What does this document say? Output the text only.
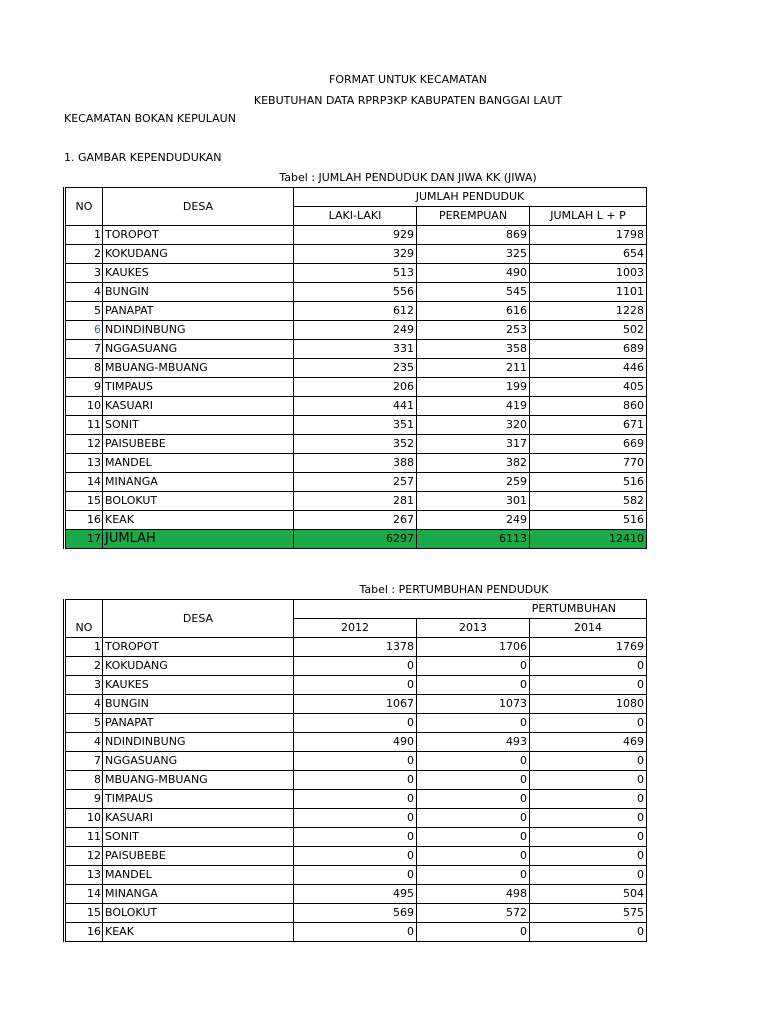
FORMAT UNTUK KECAMATAN
KEBUTUHAN DATA RPRP3KP KABUPATEN BANGGAI LAUT
KECAMATAN BOKAN KEPULAUN
1. GAMBAR KEPENDUDUKAN
Tabel : JUMLAH PENDUDUK DAN JIWA KK (JIWA)
NO	DESA	JUMLAH PENDUDUK		
		LAKI-LAKI	PEREMPUAN	JUMLAH L + P
1	TOROPOT	929	869	1798
2	KOKUDANG	329	325	654
3	KAUKES	513	490	1003
4	BUNGIN	556	545	1101
5	PANAPAT	612	616	1228
6	NDINDINBUNG	249	253	502
7	NGGASUANG	331	358	689
8	MBUANG-MBUANG	235	211	446
9	TIMPAUS	206	199	405
10	KASUARI	441	419	860
11	SONIT	351	320	671
12	PAISUBEBE	352	317	669
13	MANDEL	388	382	770
14	MINANGA	257	259	516
15	BOLOKUT	281	301	582
16	KEAK	267	249	516
17	JUMLAH	6297	6113	12410
Tabel : PERTUMBUHAN PENDUDUK
	DESA	PERTUMBUHAN		
NO		2012	2013	2014
1	TOROPOT	1378	1706	1769
2	KOKUDANG	0	0	0
3	KAUKES	0	0	0
4	BUNGIN	1067	1073	1080
5	PANAPAT	0	0	0
4	NDINDINBUNG	490	493	469
7	NGGASUANG	0	0	0
8	MBUANG-MBUANG	0	0	0
9	TIMPAUS	0	0	0
10	KASUARI	0	0	0
11	SONIT	0	0	0
12	PAISUBEBE	0	0	0
13	MANDEL	0	0	0
14	MINANGA	495	498	504
15	BOLOKUT	569	572	575
16	KEAK	0	0	0
